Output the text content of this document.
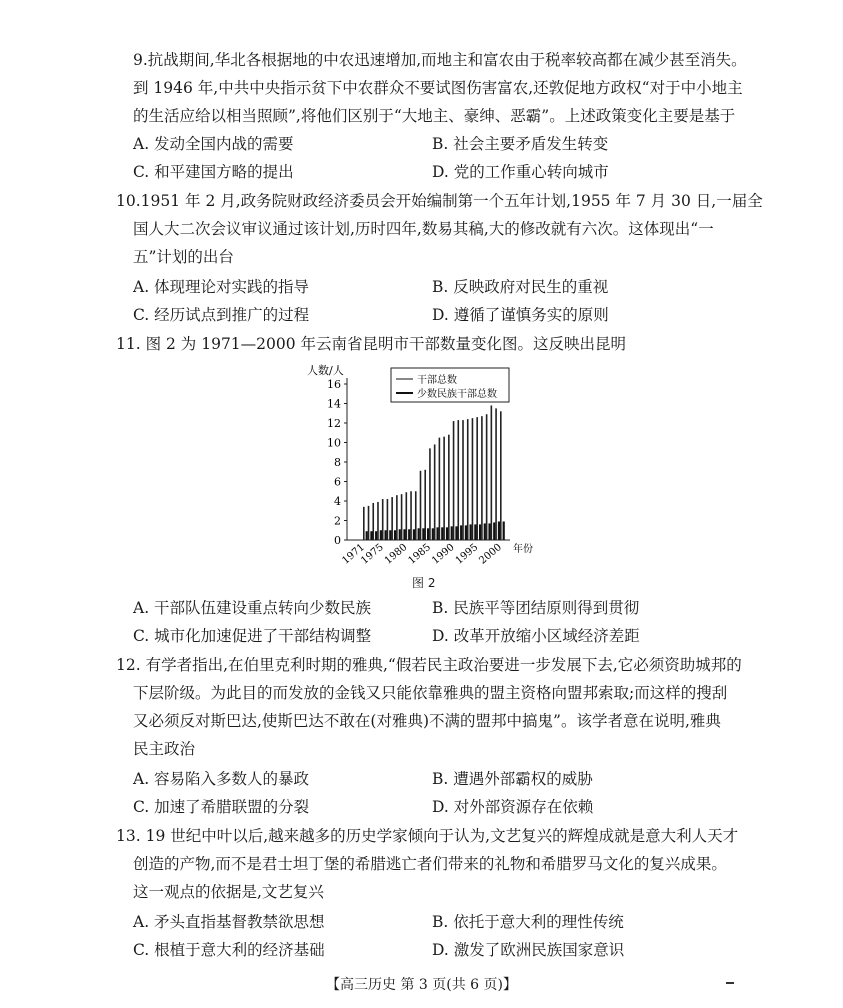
9.抗战期间,华北各根据地的中农迅速增加,而地主和富农由于税率较高都在减少甚至消失。
到 1946 年,中共中央指示贫下中农群众不要试图伤害富农,还敦促地方政权“对于中小地主
的生活应给以相当照顾”,将他们区别于“大地主、豪绅、恶霸”。上述政策变化主要是基于
A. 发动全国内战的需要	B. 社会主要矛盾发生转变
C. 和平建国方略的提出	D. 党的工作重心转向城市
10.1951 年 2 月,政务院财政经济委员会开始编制第一个五年计划,1955 年 7 月 30 日,一届全
国人大二次会议审议通过该计划,历时四年,数易其稿,大的修改就有六次。这体现出“一
五”计划的出台
A. 体现理论对实践的指导	B. 反映政府对民生的重视
C. 经历试点到推广的过程	D. 遵循了谨慎务实的原则
11. 图 2 为 1971—2000 年云南省昆明市干部数量变化图。这反映出昆明
人数/人
0
2
4
6
8
10
12
14
16
1971
1975
1980
1985
1990
1995
2000
干部总数
少数民族干部总数
年份
图 2
A. 干部队伍建设重点转向少数民族	B. 民族平等团结原则得到贯彻
C. 城市化加速促进了干部结构调整	D. 改革开放缩小区域经济差距
12. 有学者指出,在伯里克利时期的雅典,“假若民主政治要进一步发展下去,它必须资助城邦的
下层阶级。为此目的而发放的金钱又只能依靠雅典的盟主资格向盟邦索取;而这样的搜刮
又必须反对斯巴达,使斯巴达不敢在(对雅典)不满的盟邦中搞鬼”。该学者意在说明,雅典
民主政治
A. 容易陷入多数人的暴政	B. 遭遇外部霸权的威胁
C. 加速了希腊联盟的分裂	D. 对外部资源存在依赖
13. 19 世纪中叶以后,越来越多的历史学家倾向于认为,文艺复兴的辉煌成就是意大利人天才
创造的产物,而不是君士坦丁堡的希腊逃亡者们带来的礼物和希腊罗马文化的复兴成果。
这一观点的依据是,文艺复兴
A. 矛头直指基督教禁欲思想	B. 依托于意大利的理性传统
C. 根植于意大利的经济基础	D. 激发了欧洲民族国家意识
【高三历史 第 3 页(共 6 页)】
